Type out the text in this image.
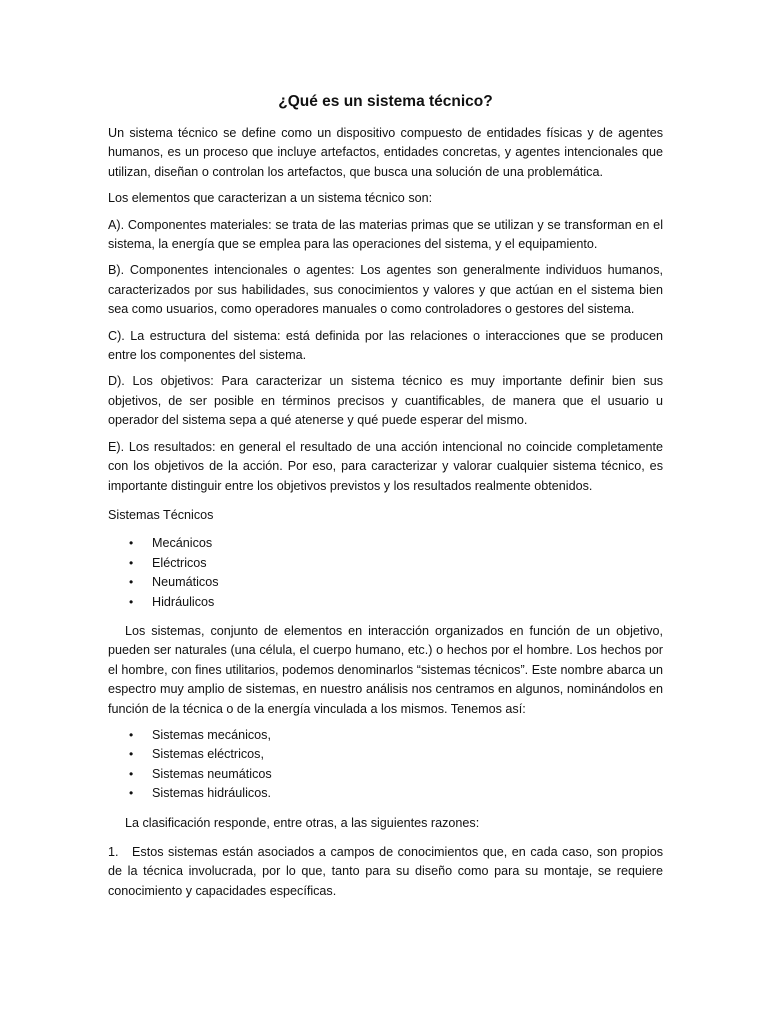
¿Qué es un sistema técnico?

Un sistema técnico se define como un dispositivo compuesto de entidades físicas y de agentes humanos, es un proceso que incluye artefactos, entidades concretas, y agentes intencionales que utilizan, diseñan o controlan los artefactos, que busca una solución de una problemática.

Los elementos que caracterizan a un sistema técnico son:

A). Componentes materiales: se trata de las materias primas que se utilizan y se transforman en el sistema, la energía que se emplea para las operaciones del sistema, y el equipamiento.

B). Componentes intencionales o agentes: Los agentes son generalmente individuos humanos, caracterizados por sus habilidades, sus conocimientos y valores y que actúan en el sistema bien sea como usuarios, como operadores manuales o como controladores o gestores del sistema.

C). La estructura del sistema: está definida por las relaciones o interacciones que se producen entre los componentes del sistema.

D). Los objetivos: Para caracterizar un sistema técnico es muy importante definir bien sus objetivos, de ser posible en términos precisos y cuantificables, de manera que el usuario u operador del sistema sepa a qué atenerse y qué puede esperar del mismo.

E). Los resultados: en general el resultado de una acción intencional no coincide completamente con los objetivos de la acción. Por eso, para caracterizar y valorar cualquier sistema técnico, es importante distinguir entre los objetivos previstos y los resultados realmente obtenidos.

Sistemas Técnicos
• Mecánicos
• Eléctricos
• Neumáticos
• Hidráulicos

Los sistemas, conjunto de elementos en interacción organizados en función de un objetivo, pueden ser naturales (una célula, el cuerpo humano, etc.) o hechos por el hombre. Los hechos por el hombre, con fines utilitarios, podemos denominarlos “sistemas técnicos”. Este nombre abarca un espectro muy amplio de sistemas, en nuestro análisis nos centramos en algunos, nominándolos en función de la técnica o de la energía vinculada a los mismos. Tenemos así:

• Sistemas mecánicos,
• Sistemas eléctricos,
• Sistemas neumáticos
• Sistemas hidráulicos.

La clasificación responde, entre otras, a las siguientes razones:

1. Estos sistemas están asociados a campos de conocimientos que, en cada caso, son propios de la técnica involucrada, por lo que, tanto para su diseño como para su montaje, se requiere conocimiento y capacidades específicas.
